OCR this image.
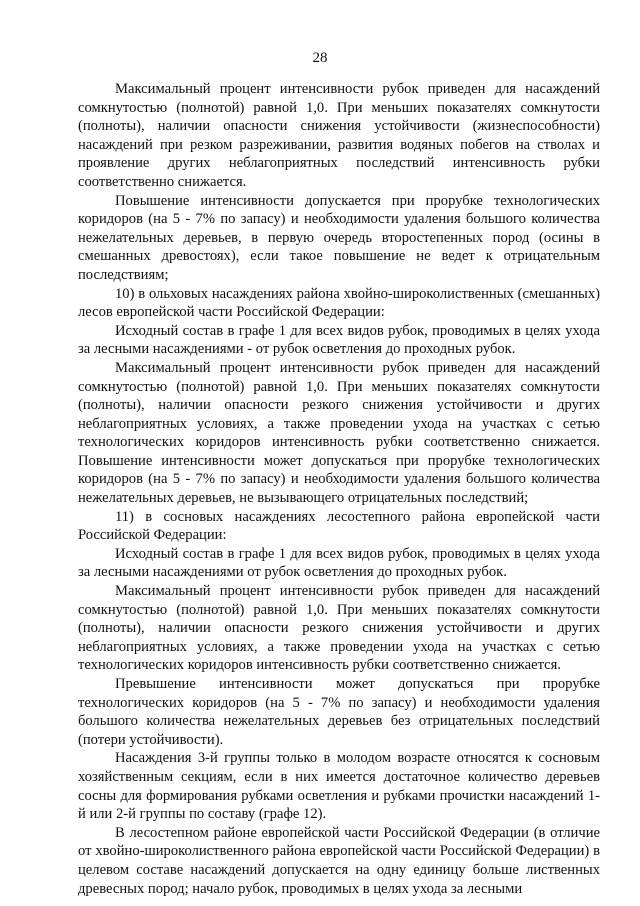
28

Максимальный процент интенсивности рубок приведен для насаждений сомкнутостью (полнотой) равной 1,0. При меньших показателях сомкнутости (полноты), наличии опасности снижения устойчивости (жизнеспособности) насаждений при резком разреживании, развития водяных побегов на стволах и проявление других неблагоприятных последствий интенсивность рубки соответственно снижается.

Повышение интенсивности допускается при прорубке технологических коридоров (на 5 - 7% по запасу) и необходимости удаления большого количества нежелательных деревьев, в первую очередь второстепенных пород (осины в смешанных древостоях), если такое повышение не ведет к отрицательным последствиям;

10) в ольховых насаждениях района хвойно-широколиственных (смешанных) лесов европейской части Российской Федерации:

Исходный состав в графе 1 для всех видов рубок, проводимых в целях ухода за лесными насаждениями - от рубок осветления до проходных рубок.

Максимальный процент интенсивности рубок приведен для насаждений сомкнутостью (полнотой) равной 1,0. При меньших показателях сомкнутости (полноты), наличии опасности резкого снижения устойчивости и других неблагоприятных условиях, а также проведении ухода на участках с сетью технологических коридоров интенсивность рубки соответственно снижается. Повышение интенсивности может допускаться при прорубке технологических коридоров (на 5 - 7% по запасу) и необходимости удаления большого количества нежелательных деревьев, не вызывающего отрицательных последствий;

11) в сосновых насаждениях лесостепного района европейской части Российской Федерации:

Исходный состав в графе 1 для всех видов рубок, проводимых в целях ухода за лесными насаждениями от рубок осветления до проходных рубок.

Максимальный процент интенсивности рубок приведен для насаждений сомкнутостью (полнотой) равной 1,0. При меньших показателях сомкнутости (полноты), наличии опасности резкого снижения устойчивости и других неблагоприятных условиях, а также проведении ухода на участках с сетью технологических коридоров интенсивность рубки соответственно снижается.

Превышение интенсивности может допускаться при прорубке технологических коридоров (на 5 - 7% по запасу) и необходимости удаления большого количества нежелательных деревьев без отрицательных последствий (потери устойчивости).

Насаждения 3-й группы только в молодом возрасте относятся к сосновым хозяйственным секциям, если в них имеется достаточное количество деревьев сосны для формирования рубками осветления и рубками прочистки насаждений 1-й или 2-й группы по составу (графе 12).

В лесостепном районе европейской части Российской Федерации (в отличие от хвойно-широколиственного района европейской части Российской Федерации) в целевом составе насаждений допускается на одну единицу больше лиственных древесных пород; начало рубок, проводимых в целях ухода за лесными
